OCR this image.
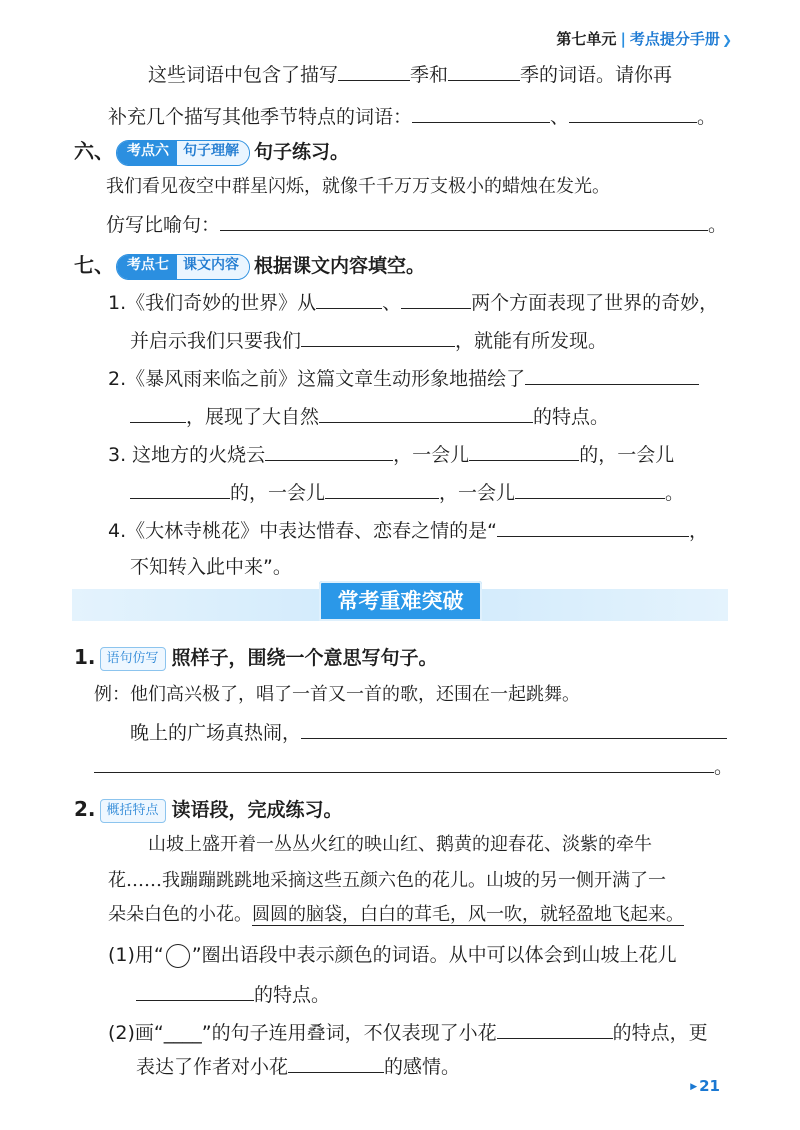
第七单元 | 考点提分手册 ❯
这些词语中包含了描写	季和	季的词语。请你再
补充几个描写其他季节特点的词语：	、	。
六、 考点六	句子理解 句子练习。
我们看见夜空中群星闪烁，就像千千万万支极小的蜡烛在发光。
仿写比喻句：	。
七、 考点七	课文内容 根据课文内容填空。
1.《我们奇妙的世界》从	、	两个方面表现了世界的奇妙，
并启示我们只要我们	，就能有所发现。
2.《暴风雨来临之前》这篇文章生动形象地描绘了
，展现了大自然	的特点。
3. 这地方的火烧云	，一会儿	的，一会儿
的，一会儿	，一会儿	。
4.《大林寺桃花》中表达惜春、恋春之情的是“	，
不知转入此中来”。
常考重难突破
1. 语句仿写 照样子，围绕一个意思写句子。
例：他们高兴极了，唱了一首又一首的歌，还围在一起跳舞。
晚上的广场真热闹，
。
2. 概括特点 读语段，完成练习。
山坡上盛开着一丛丛火红的映山红、鹅黄的迎春花、淡紫的牵牛
花……我蹦蹦跳跳地采摘这些五颜六色的花儿。山坡的另一侧开满了一
朵朵白色的小花。圆圆的脑袋，白白的茸毛，风一吹，就轻盈地飞起来。
(1)用“ ”圈出语段中表示颜色的词语。从中可以体会到山坡上花儿
的特点。
(2)画“____”的句子连用叠词，不仅表现了小花	的特点，更
表达了作者对小花	的感情。
▶ 21
